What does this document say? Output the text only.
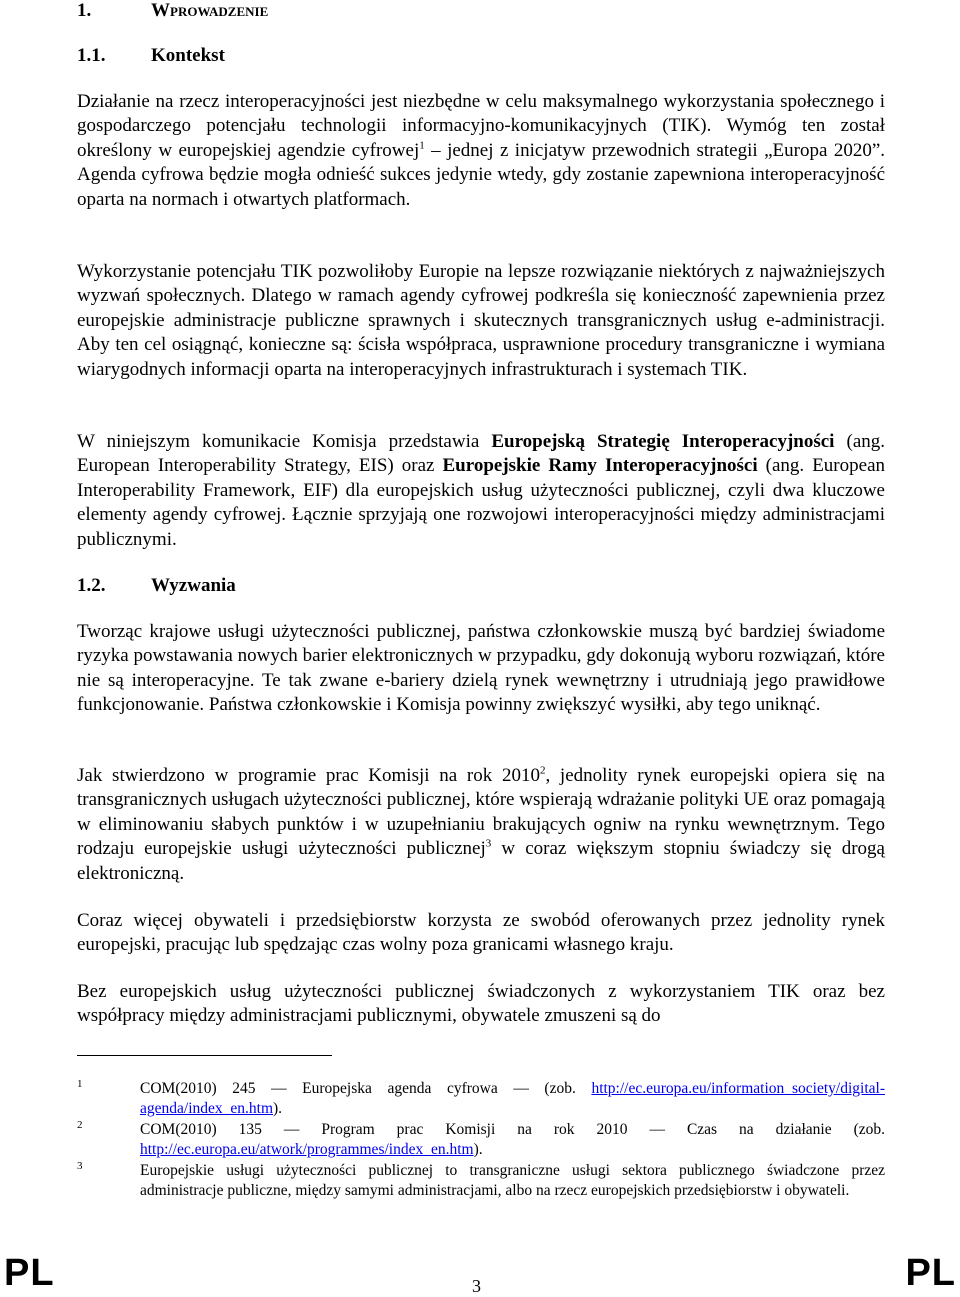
1.	Wprowadzenie
1.1. Kontekst
Działanie na rzecz interoperacyjności jest niezbędne w celu maksymalnego wykorzystania społecznego i gospodarczego potencjału technologii informacyjno-komunikacyjnych (TIK). Wymóg ten został określony w europejskiej agendzie cyfrowej$^1$ – jednej z inicjatyw przewodnich strategii „Europa 2020”. Agenda cyfrowa będzie mogła odnieść sukces jedynie wtedy, gdy zostanie zapewniona interoperacyjność oparta na normach i otwartych platformach.
Wykorzystanie potencjału TIK pozwoliłoby Europie na lepsze rozwiązanie niektórych z najważniejszych wyzwań społecznych. Dlatego w ramach agendy cyfrowej podkreśla się konieczność zapewnienia przez europejskie administracje publiczne sprawnych i skutecznych transgranicznych usług e-administracji. Aby ten cel osiągnąć, konieczne są: ścisła współpraca, usprawnione procedury transgraniczne i wymiana wiarygodnych informacji oparta na interoperacyjnych infrastrukturach i systemach TIK.
W niniejszym komunikacie Komisja przedstawia Europejską Strategię Interoperacyjności (ang. European Interoperability Strategy, EIS) oraz Europejskie Ramy Interoperacyjności (ang. European Interoperability Framework, EIF) dla europejskich usług użyteczności publicznej, czyli dwa kluczowe elementy agendy cyfrowej. Łącznie sprzyjają one rozwojowi interoperacyjności między administracjami publicznymi.
1.2. Wyzwania
Tworząc krajowe usługi użyteczności publicznej, państwa członkowskie muszą być bardziej świadome ryzyka powstawania nowych barier elektronicznych w przypadku, gdy dokonują wyboru rozwiązań, które nie są interoperacyjne. Te tak zwane e-bariery dzielą rynek wewnętrzny i utrudniają jego prawidłowe funkcjonowanie. Państwa członkowskie i Komisja powinny zwiększyć wysiłki, aby tego uniknąć.
Jak stwierdzono w programie prac Komisji na rok 2010$^2$, jednolity rynek europejski opiera się na transgranicznych usługach użyteczności publicznej, które wspierają wdrażanie polityki UE oraz pomagają w eliminowaniu słabych punktów i w uzupełnianiu brakujących ogniw na rynku wewnętrznym. Tego rodzaju europejskie usługi użyteczności publicznej$^3$ w coraz większym stopniu świadczy się drogą elektroniczną.
Coraz więcej obywateli i przedsiębiorstw korzysta ze swobód oferowanych przez jednolity rynek europejski, pracując lub spędzając czas wolny poza granicami własnego kraju.
Bez europejskich usług użyteczności publicznej świadczonych z wykorzystaniem TIK oraz bez współpracy między administracjami publicznymi, obywatele zmuszeni są do
1	COM(2010) 245 — Europejska agenda cyfrowa — (zob. http://ec.europa.eu/information_society/digital-agenda/index_en.htm).
2	COM(2010) 135 — Program prac Komisji na rok 2010 — Czas na działanie (zob. http://ec.europa.eu/atwork/programmes/index_en.htm).
3	Europejskie usługi użyteczności publicznej to transgraniczne usługi sektora publicznego świadczone przez administracje publiczne, między samymi administracjami, albo na rzecz europejskich przedsiębiorstw i obywateli.
PL	3	PL
